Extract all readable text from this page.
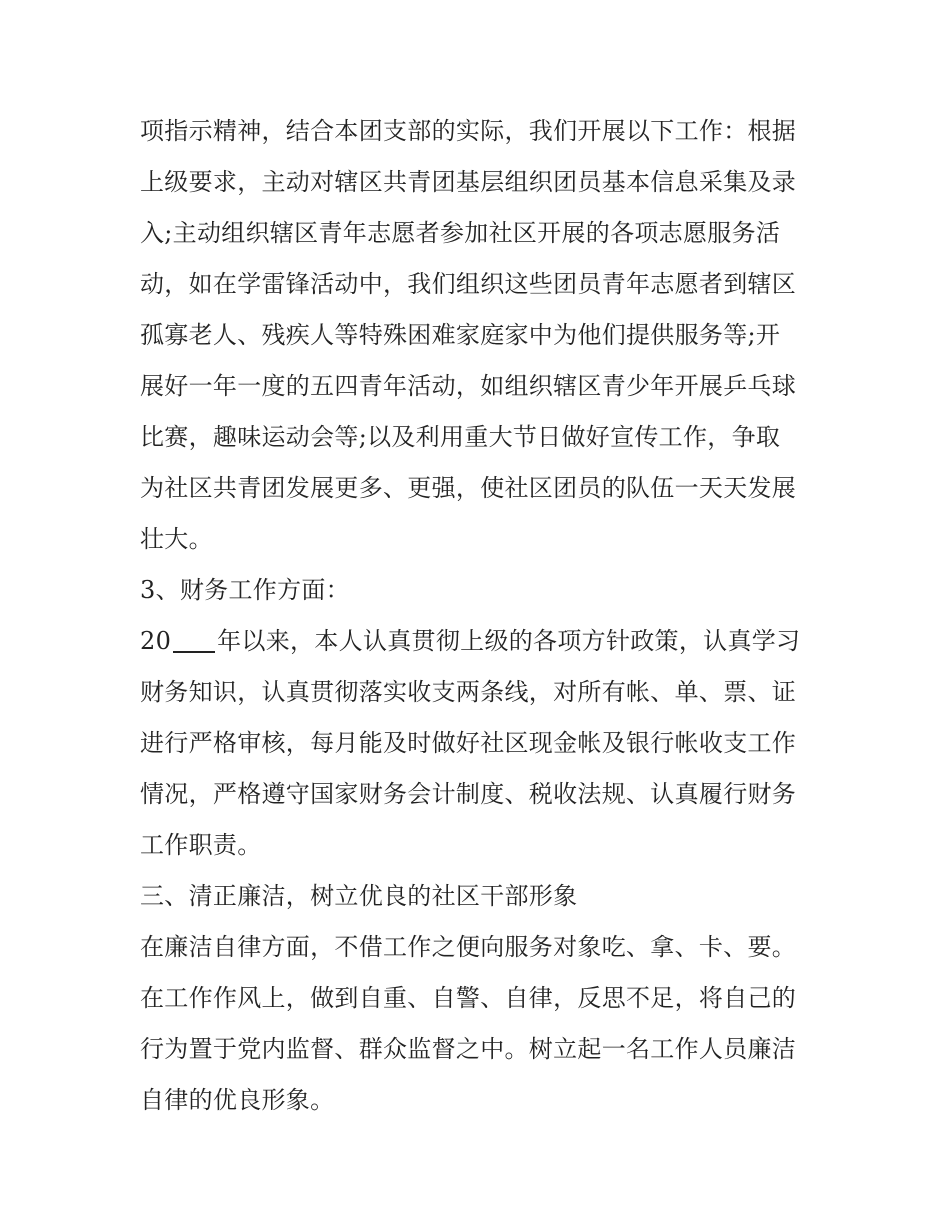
项指示精神，结合本团支部的实际，我们开展以下工作：根据
上级要求，主动对辖区共青团基层组织团员基本信息采集及录
入;主动组织辖区青年志愿者参加社区开展的各项志愿服务活
动，如在学雷锋活动中，我们组织这些团员青年志愿者到辖区
孤寡老人、残疾人等特殊困难家庭家中为他们提供服务等;开
展好一年一度的五四青年活动，如组织辖区青少年开展乒乓球
比赛，趣味运动会等;以及利用重大节日做好宣传工作，争取
为社区共青团发展更多、更强，使社区团员的队伍一天天发展
壮大。
3、财务工作方面：
20 年以来，本人认真贯彻上级的各项方针政策，认真学习
财务知识，认真贯彻落实收支两条线，对所有帐、单、票、证
进行严格审核，每月能及时做好社区现金帐及银行帐收支工作
情况，严格遵守国家财务会计制度、税收法规、认真履行财务
工作职责。
三、清正廉洁，树立优良的社区干部形象
在廉洁自律方面，不借工作之便向服务对象吃、拿、卡、要。
在工作作风上，做到自重、自警、自律，反思不足，将自己的
行为置于党内监督、群众监督之中。树立起一名工作人员廉洁
自律的优良形象。
